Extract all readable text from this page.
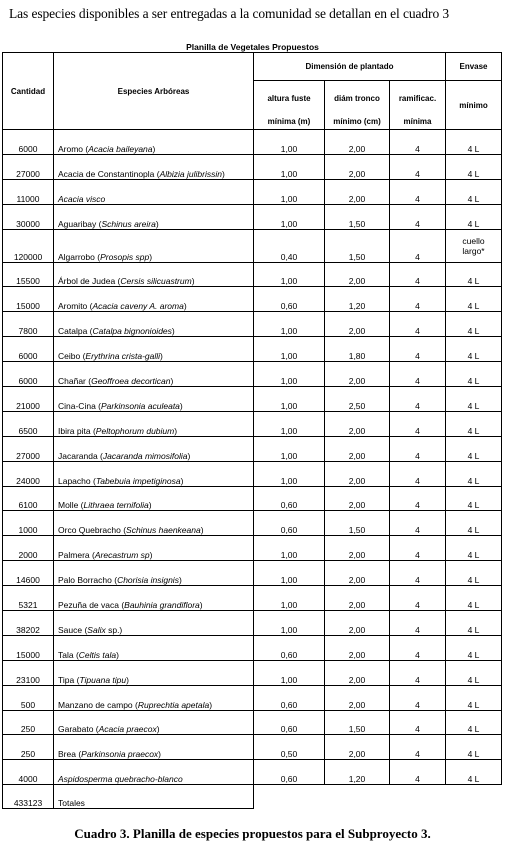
Las especies disponibles a ser entregadas a la comunidad se detallan en el cuadro 3
Planilla de Vegetales Propuestos
Cantidad	Especies Arbóreas	Dimensión de plantado			Envase
		altura fuste	diám tronco	ramificac.	mínimo
		mínima (m)	mínimo (cm)	mínima	
6000	Aromo (Acacia baileyana)	1,00	2,00	4	4 L
27000	Acacia de Constantinopla (Albizia julibrissin)	1,00	2,00	4	4 L
11000	Acacia visco	1,00	2,00	4	4 L
30000	Aguaribay (Schinus areira)	1,00	1,50	4	4 L
120000	Algarrobo (Prosopis spp)	0,40	1,50	4	cuello largo*
15500	Árbol de Judea (Cersis silicuastrum)	1,00	2,00	4	4 L
15000	Aromito (Acacia caveny A. aroma)	0,60	1,20	4	4 L
7800	Catalpa (Catalpa bignonioides)	1,00	2,00	4	4 L
6000	Ceibo (Erythrina crista-galli)	1,00	1,80	4	4 L
6000	Chañar (Geoffroea decortican)	1,00	2,00	4	4 L
21000	Cina-Cina (Parkinsonia aculeata)	1,00	2,50	4	4 L
6500	Ibira pita (Peltophorum dubium)	1,00	2,00	4	4 L
27000	Jacaranda (Jacaranda mimosifolia)	1,00	2,00	4	4 L
24000	Lapacho (Tabebuia impetiginosa)	1,00	2,00	4	4 L
6100	Molle (Lithraea ternifolia)	0,60	2,00	4	4 L
1000	Orco Quebracho (Schinus haenkeana)	0,60	1,50	4	4 L
2000	Palmera (Arecastrum sp)	1,00	2,00	4	4 L
14600	Palo Borracho (Chorisia insignis)	1,00	2,00	4	4 L
5321	Pezuña de vaca (Bauhinia grandiflora)	1,00	2,00	4	4 L
38202	Sauce (Salix sp.)	1,00	2,00	4	4 L
15000	Tala (Celtis tala)	0,60	2,00	4	4 L
23100	Tipa (Tipuana tipu)	1,00	2,00	4	4 L
500	Manzano de campo (Ruprechtia apetala)	0,60	2,00	4	4 L
250	Garabato (Acacia praecox)	0,60	1,50	4	4 L
250	Brea (Parkinsonia praecox)	0,50	2,00	4	4 L
4000	Aspidosperma quebracho-blanco	0,60	1,20	4	4 L
433123	Totales				
Cuadro 3. Planilla de especies propuestos para el Subproyecto 3.
